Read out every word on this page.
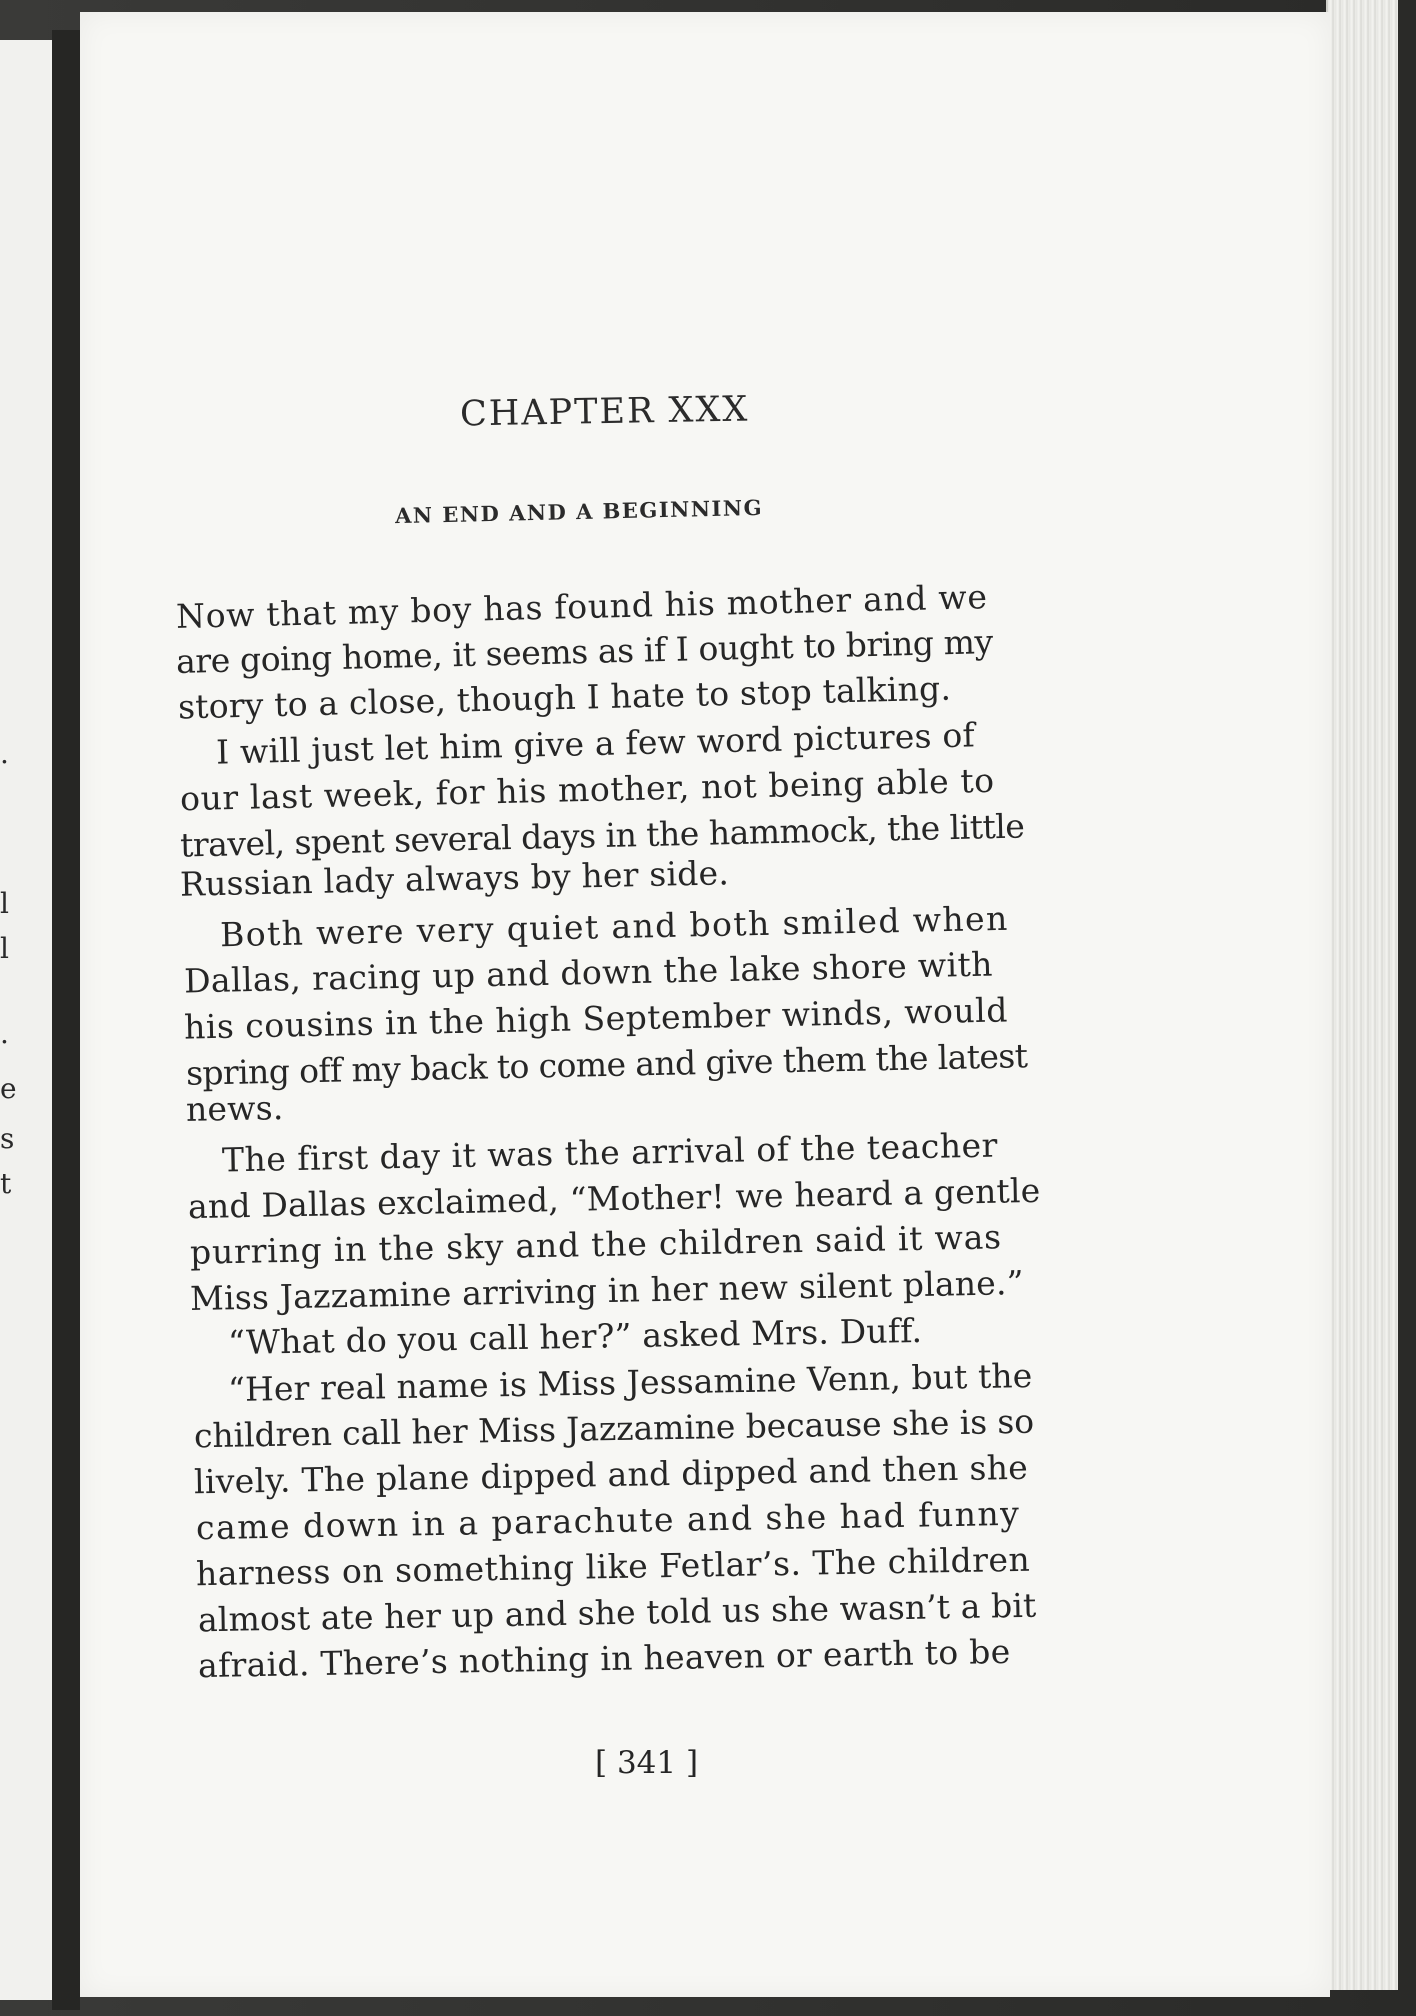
.
l
l
.
e
s
t
CHAPTER XXX
AN END AND A BEGINNING
Now that my boy has found his mother and we
are going home, it seems as if I ought to bring my
story to a close, though I hate to stop talking.
I will just let him give a few word pictures of
our last week, for his mother, not being able to
travel, spent several days in the hammock, the little
Russian lady always by her side.
Both were very quiet and both smiled when
Dallas, racing up and down the lake shore with
his cousins in the high September winds, would
spring off my back to come and give them the latest
news.
The first day it was the arrival of the teacher
and Dallas exclaimed, “Mother! we heard a gentle
purring in the sky and the children said it was
Miss Jazzamine arriving in her new silent plane.”
“What do you call her?” asked Mrs. Duff.
“Her real name is Miss Jessamine Venn, but the
children call her Miss Jazzamine because she is so
lively. The plane dipped and dipped and then she
came down in a parachute and she had funny
harness on something like Fetlar’s. The children
almost ate her up and she told us she wasn’t a bit
afraid. There’s nothing in heaven or earth to be
[ 341 ]
